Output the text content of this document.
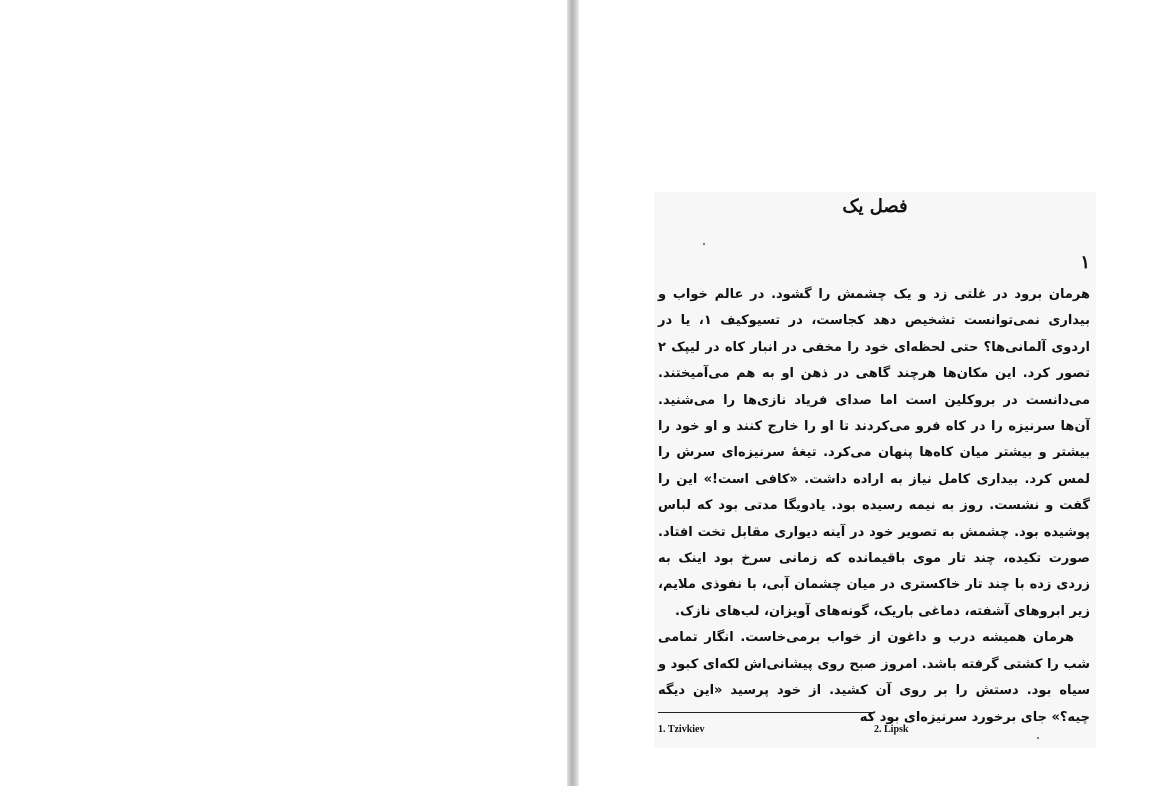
فصل یک
۱

هرمان برود در غلتی زد و یک چشمش را گشود. در عالم خواب و بیداری نمی‌توانست تشخیص دهد کجاست، در تسیوکیف ۱، یا در اردوی آلمانی‌ها؟ حتی لحظه‌ای خود را مخفی در انبار کاه در لیپک ۲ تصور کرد. این مکان‌ها هرچند گاهی در ذهن او به هم می‌آمیختند. می‌دانست در بروکلین است اما صدای فریاد نازی‌ها را می‌شنید. آن‌ها سرنیزه را در کاه فرو می‌کردند تا او را خارج کنند و او خود را بیشتر و بیشتر میان کاه‌ها پنهان می‌کرد. تیغهٔ سرنیزه‌ای سرش را لمس کرد. بیداری کامل نیاز به اراده داشت. «کافی است!» این را گفت و نشست. روز به نیمه رسیده بود. یادویگا مدتی بود که لباس پوشیده بود. چشمش به تصویر خود در آینه دیواری مقابل تخت افتاد. صورت تکیده، چند تار موی باقیمانده که زمانی سرخ بود اینک به زردی زده با چند تار خاکستری در میان چشمان آبی، با نفوذی ملایم، زیر ابروهای آشفته، دماغی باریک، گونه‌های آویزان، لب‌های نازک.

هرمان همیشه درب و داغون از خواب برمی‌خاست. انگار تمامی شب را کشتی گرفته باشد. امروز صبح روی پیشانی‌اش لکه‌ای کبود و سیاه بود. دستش را بر روی آن کشید. از خود پرسید «این دیگه چیه؟» جای برخورد سرنیزه‌ای بود که

1. Tzivkiev	2. Lipsk
